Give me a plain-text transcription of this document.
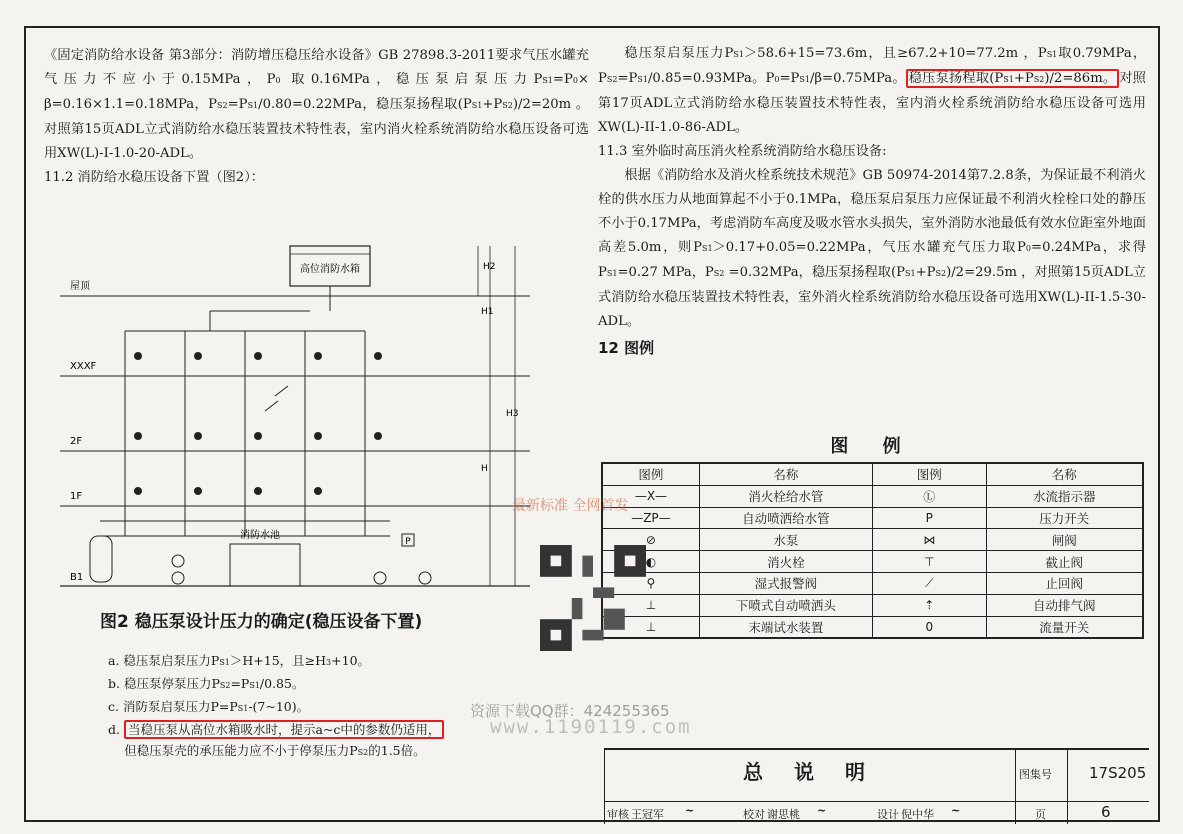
《固定消防给水设备 第3部分：消防增压稳压给水设备》GB 27898.3-2011要求气压水罐充气压力不应小于0.15MPa，P0 取0.16MPa，稳压泵启泵压力PS1=P0× β=0.16×1.1=0.18MPa，PS2=PS1/0.80=0.22MPa，稳压泵扬程取(PS1+PS2)/2=20m 。对照第15页ADL立式消防给水稳压装置技术特性表，室内消火栓系统消防给水稳压设备可选用XW(L)-I-1.0-20-ADL。

11.2 消防给水稳压设备下置（图2）：

稳压泵启泵压力PS1＞58.6+15=73.6m，且≥67.2+10=77.2m ，PS1取0.79MPa，PS2=PS1/0.85=0.93MPa。P0=PS1/β=0.75MPa。 稳压泵扬程取(PS1+PS2)/2=86m。 对照第17页ADL立式消防给水稳压装置技术特性表，室内消火栓系统消防给水稳压设备可选用XW(L)-II-1.0-86-ADL。

11.3 室外临时高压消火栓系统消防给水稳压设备:

根据《消防给水及消火栓系统技术规范》GB 50974-2014第7.2.8条，为保证最不利消火栓的供水压力从地面算起不小于0.1MPa，稳压泵启泵压力应保证最不利消火栓栓口处的静压不小于0.17MPa，考虑消防车高度及吸水管水头损失，室外消防水池最低有效水位距室外地面高差5.0m，则PS1＞0.17+0.05=0.22MPa，气压水罐充气压力取P0=0.24MPa，求得PS1=0.27 MPa，PS2 =0.32MPa，稳压泵扬程取(PS1+PS2)/2=29.5m ，对照第15页ADL立式消防给水稳压装置技术特性表，室外消火栓系统消防给水稳压设备可选用XW(L)-II-1.5-30-ADL。

12 图例

图 例
图例	名称	图例	名称
—X—	消火栓给水管	Ⓛ	水流指示器
—ZP—	自动喷洒给水管	P	压力开关
⊘	水泵	⋈	闸阀
◐	消火栓	⊤	截止阀
⚲	湿式报警阀	⟋	止回阀
⊥	下喷式自动喷洒头	⇡	自动排气阀
⊥	末端试水装置	0	流量开关
高位消防水箱
屋顶
XXXF
2F
1F
B1
消防水池
P
H2
H1
H3
H
图2 稳压泵设计压力的确定(稳压设备下置)
a. 稳压泵启泵压力PS1＞H+15，且≥H3+10。
b. 稳压泵停泵压力PS2=PS1/0.85。
c. 消防泵启泵压力P=PS1-(7~10)。
d. 当稳压泵从高位水箱吸水时，提示a~c中的参数仍适用，
但稳压泵壳的承压能力应不小于停泵压力PS2的1.5倍。
最新标准 全网首发
资源下载QQ群：424255365
www.1190119.com
总 说 明	图集号 17S205
页	6
审核 王冠军 ~	校对 谢思桃 ~	设计 倪中华 ~
